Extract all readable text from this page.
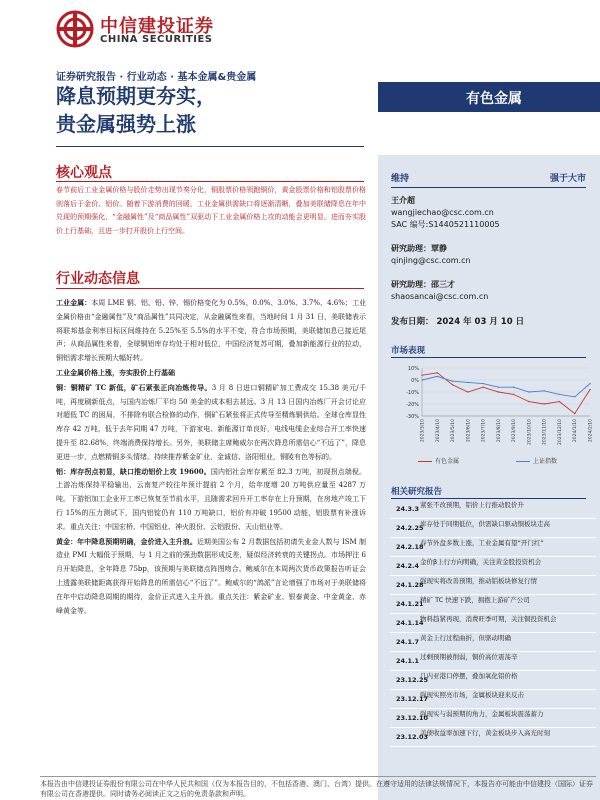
中信建投证券
CHINA SECURITIES
证券研究报告 · 行业动态 · 基本金属&贵金属
降息预期更夯实，
贵金属强势上涨
有色金属
核心观点
春节前后工业金属价格与股价走势出现节奏分化，铜股票价格领跑铜价，黄金股票价格和铝股票价格则落后于金价、铝价。随着下游消费的回暖，工业金属供需缺口将逐渐清晰，叠加美联储降息在年中兑现的预期强化，“金融属性”及“商品属性”双驱动下工业金属价格上攻的动能会更明显，进而夯实股价上行基础，且进一步打开股价上行空间。
行业动态信息

工业金属：本周 LME 铜、铝、铅、锌、锡价格变化为 0.5%、0.0%、3.0%、3.7%、4.6%；工业金属价格由“金融属性”及“商品属性”共同决定，从金融属性来看，当地时间 1 月 31 日，美联储表示将联邦基金利率目标区间维持在 5.25%至 5.5%的水平不变，符合市场预期，美联储加息已接近尾声；从商品属性来看，全球铜铝库存均处于相对低位，中国经济复苏可期，叠加新能源行业的拉动，铜铝需求增长预期大幅好转。

工业金属价格上涨，夯实股价上行基础

铜：铜精矿 TC 新低，矿石紧张正向冶炼传导。3 月 8 日进口铜精矿加工费成交 15.38 美元/千吨，再度刷新低点，与国内冶炼厂平均 50 美金的成本相去甚远。3 月 13 日国内冶炼厂开会讨论应对超低 TC 的困局，不排除有联合检修的动作，铜矿石紧张将正式传导至精炼铜供给。全球仓库显性库存 42 万吨，低于去年同期 47 万吨，下游家电、新能源订单良好，电线电缆企业综合开工率快速提升至 82.68%，终端消费保持增长。另外，美联储主席鲍威尔在两次降息所需信心“不远了”，降息更进一步，点燃精铜多头情绪。持续推荐紫金矿业、金诚信、洛阳钼业，铜陵有色等标的。

铝：库存拐点初显，缺口推动铝价上攻 19600。国内铝社会库存累至 82.3 万吨，初现拐点端倪。上游冶炼保持平稳输出，云南复产较往年预计提前 2 个月，给年度增 20 万吨供应量至 4287 万吨。下游铝加工企业开工率已恢复至节前水平，且随需求回升开工率存在上升预期，在房地产竣工下行 15%的压力测试下，国内铝锭仍有 110 万吨缺口，铝价有冲破 19500 动能，铝股票有补涨诉求。重点关注：中国宏桥、中国铝业、神火股份、云铝股份、天山铝业等。

黄金：年中降息预期明确，金价进入主升浪。近期美国公布 2 月数据包括初请失业金人数与 ISM 制造业 PMI 大幅低于预期，与 1 月之前的强劲数据形成反差，疑似经济转衰的关键拐点。市场押注 6 月开始降息，全年降息 75bp，该预期与美联储点阵图吻合。鲍威尔在本周两次货币政策报告听证会上透露美联储距离获得开始降息的所需信心“不远了”。鲍威尔的“鸽派”言论增强了市场对于美联储将在年中启动降息周期的期待，金价正式进入主升浪。重点关注：紫金矿业、银泰黄金、中金黄金、赤峰黄金等。

维持	强于大市
王介超
wangjiechao@csc.com.cn
SAC 编号:S1440521110005
研究助理：覃静
qinjing@csc.com.cn
研究助理：邵三才
shaosancai@csc.com.cn
发布日期： 2024 年 03 月 10 日
市场表现
相关研究报告
10%
0%
-10%
-20%
-30%
2023/3/10 2023/4/10 2023/5/10 2023/6/10 2023/7/10 2023/8/10 2023/9/10 2023/10/10 2023/11/10 2023/12/10 2024/1/10 2024/2/10
有色金属	上证指数
24.3.3 紧张不改预期，铝价上行推动股价升
24.2.25
库存处于同期低位，供需缺口驱动铜板块走高
24.2.18
春节外盘多数上涨，工业金属有望“开门红”
24.2.4 金价β上行方向明确，关注黄金股投资机会
24.1.28
强现实将改善预期，推动铝板块修复行情
24.1.21
精矿 TC 快速下跌，拥抱上游矿产公司
24.1.14
物料趋紧再现，消费旺季可期，关注铜投资机会
24.1.7 黄金上行过程曲折，但驱动明确
24.1.1 过剩预期被削弱，铜价高位震荡辛
23.12.25
几内亚港口停摆，叠加氧化铝价格
23.12.17
强现实照亮市场，金属板块迎来反击
23.12.10
强现实与弱预期的角力，金属板块震荡蓄力
23.12.03
美债收益率加速下行，黄金板块步入高光时刻
本报告由中信建投证券股份有限公司在中华人民共和国（仅为本报告目的，不包括香港、澳门、台湾）提供。在遵守适用的法律法规情况下，本报告亦可能由中信建投（国际）证券有限公司在香港提供。同时请务必阅读正文之后的免责条款和声明。
